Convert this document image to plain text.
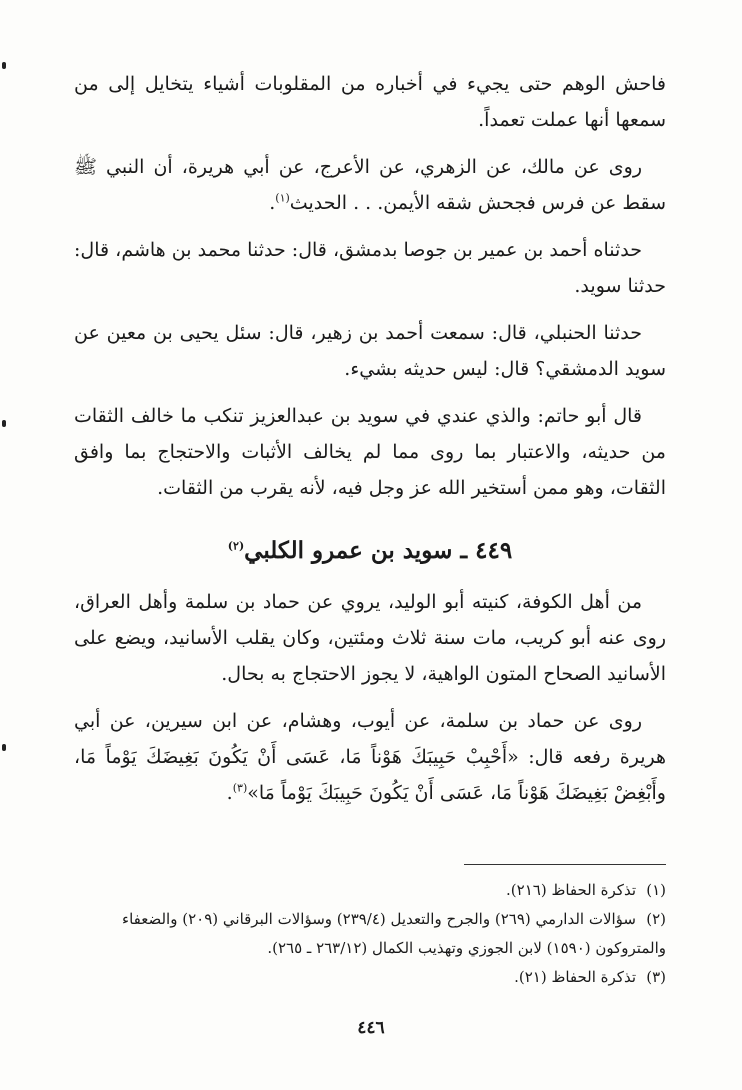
فاحش الوهم حتى يجيء في أخباره من المقلوبات أشياء يتخايل إلى من سمعها أنها عملت تعمداً.

روى عن مالك، عن الزهري، عن الأعرج، عن أبي هريرة، أن النبي ﷺ سقط عن فرس فجحش شقه الأيمن. . . الحديث$^{(١)}$.

حدثناه أحمد بن عمير بن جوصا بدمشق، قال: حدثنا محمد بن هاشم، قال: حدثنا سويد.

حدثنا الحنبلي، قال: سمعت أحمد بن زهير، قال: سئل يحيى بن معين عن سويد الدمشقي؟ قال: ليس حديثه بشيء.

قال أبو حاتم: والذي عندي في سويد بن عبدالعزيز تنكب ما خالف الثقات من حديثه، والاعتبار بما روى مما لم يخالف الأثبات والاحتجاج بما وافق الثقات، وهو ممن أستخير الله عز وجل فيه، لأنه يقرب من الثقات.

٤٤٩ ـ سويد بن عمرو الكلبي$^{(٢)}$

من أهل الكوفة، كنيته أبو الوليد، يروي عن حماد بن سلمة وأهل العراق، روى عنه أبو كريب، مات سنة ثلاث ومئتين، وكان يقلب الأسانيد، ويضع على الأسانيد الصحاح المتون الواهية، لا يجوز الاحتجاج به بحال.

روى عن حماد بن سلمة، عن أيوب، وهشام، عن ابن سيرين، عن أبي هريرة رفعه قال: «أَحْبِبْ حَبِيبَكَ هَوْناً مَا، عَسَى أَنْ يَكُونَ بَغِيضَكَ يَوْماً مَا، وأَبْغِضْ بَغِيضَكَ هَوْناً مَا، عَسَى أَنْ يَكُونَ حَبِيبَكَ يَوْماً مَا»$^{(٣)}$.

(١)تذكرة الحفاظ (٢١٦).

(٢)سؤالات الدارمي (٢٦٩) والجرح والتعديل (٢٣٩/٤) وسؤالات البرقاني (٢٠٩) والضعفاء والمتروكون (١٥٩٠) لابن الجوزي وتهذيب الكمال (٢٦٣/١٢ ـ ٢٦٥).

(٣)تذكرة الحفاظ (٢١).

٤٤٦
